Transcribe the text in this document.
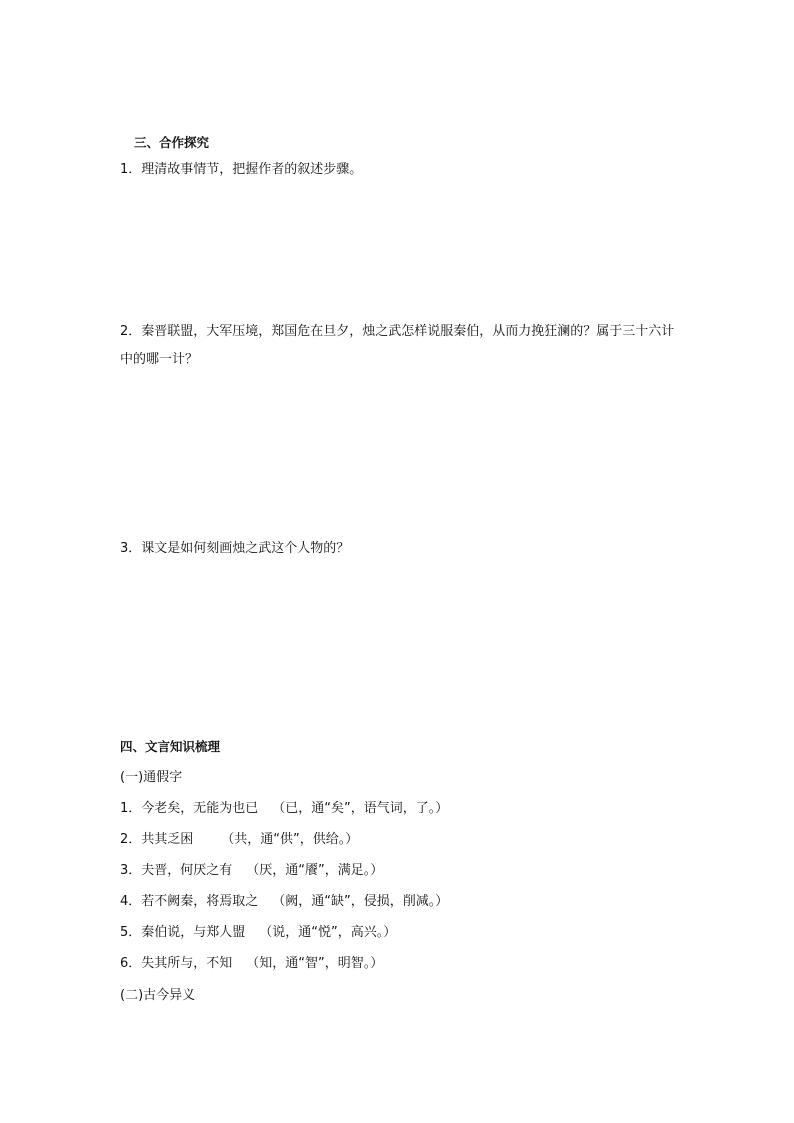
三、合作探究
1．理清故事情节，把握作者的叙述步骤。
2．秦晋联盟，大军压境，郑国危在旦夕，烛之武怎样说服秦伯，从而力挽狂澜的？属于三十六计中的哪一计？
3．课文是如何刻画烛之武这个人物的？
四、文言知识梳理
(一)通假字
1．今老矣，无能为也已 （已，通“矣”，语气词，了。）
2．共其乏困 （共，通“供”，供给。）
3．夫晋，何厌之有 （厌，通“餍”，满足。）
4．若不阙秦，将焉取之 （阙，通“缺”，侵损，削减。）
5．秦伯说，与郑人盟 （说，通“悦”，高兴。）
6．失其所与，不知 （知，通“智”，明智。）
(二)古今异义
